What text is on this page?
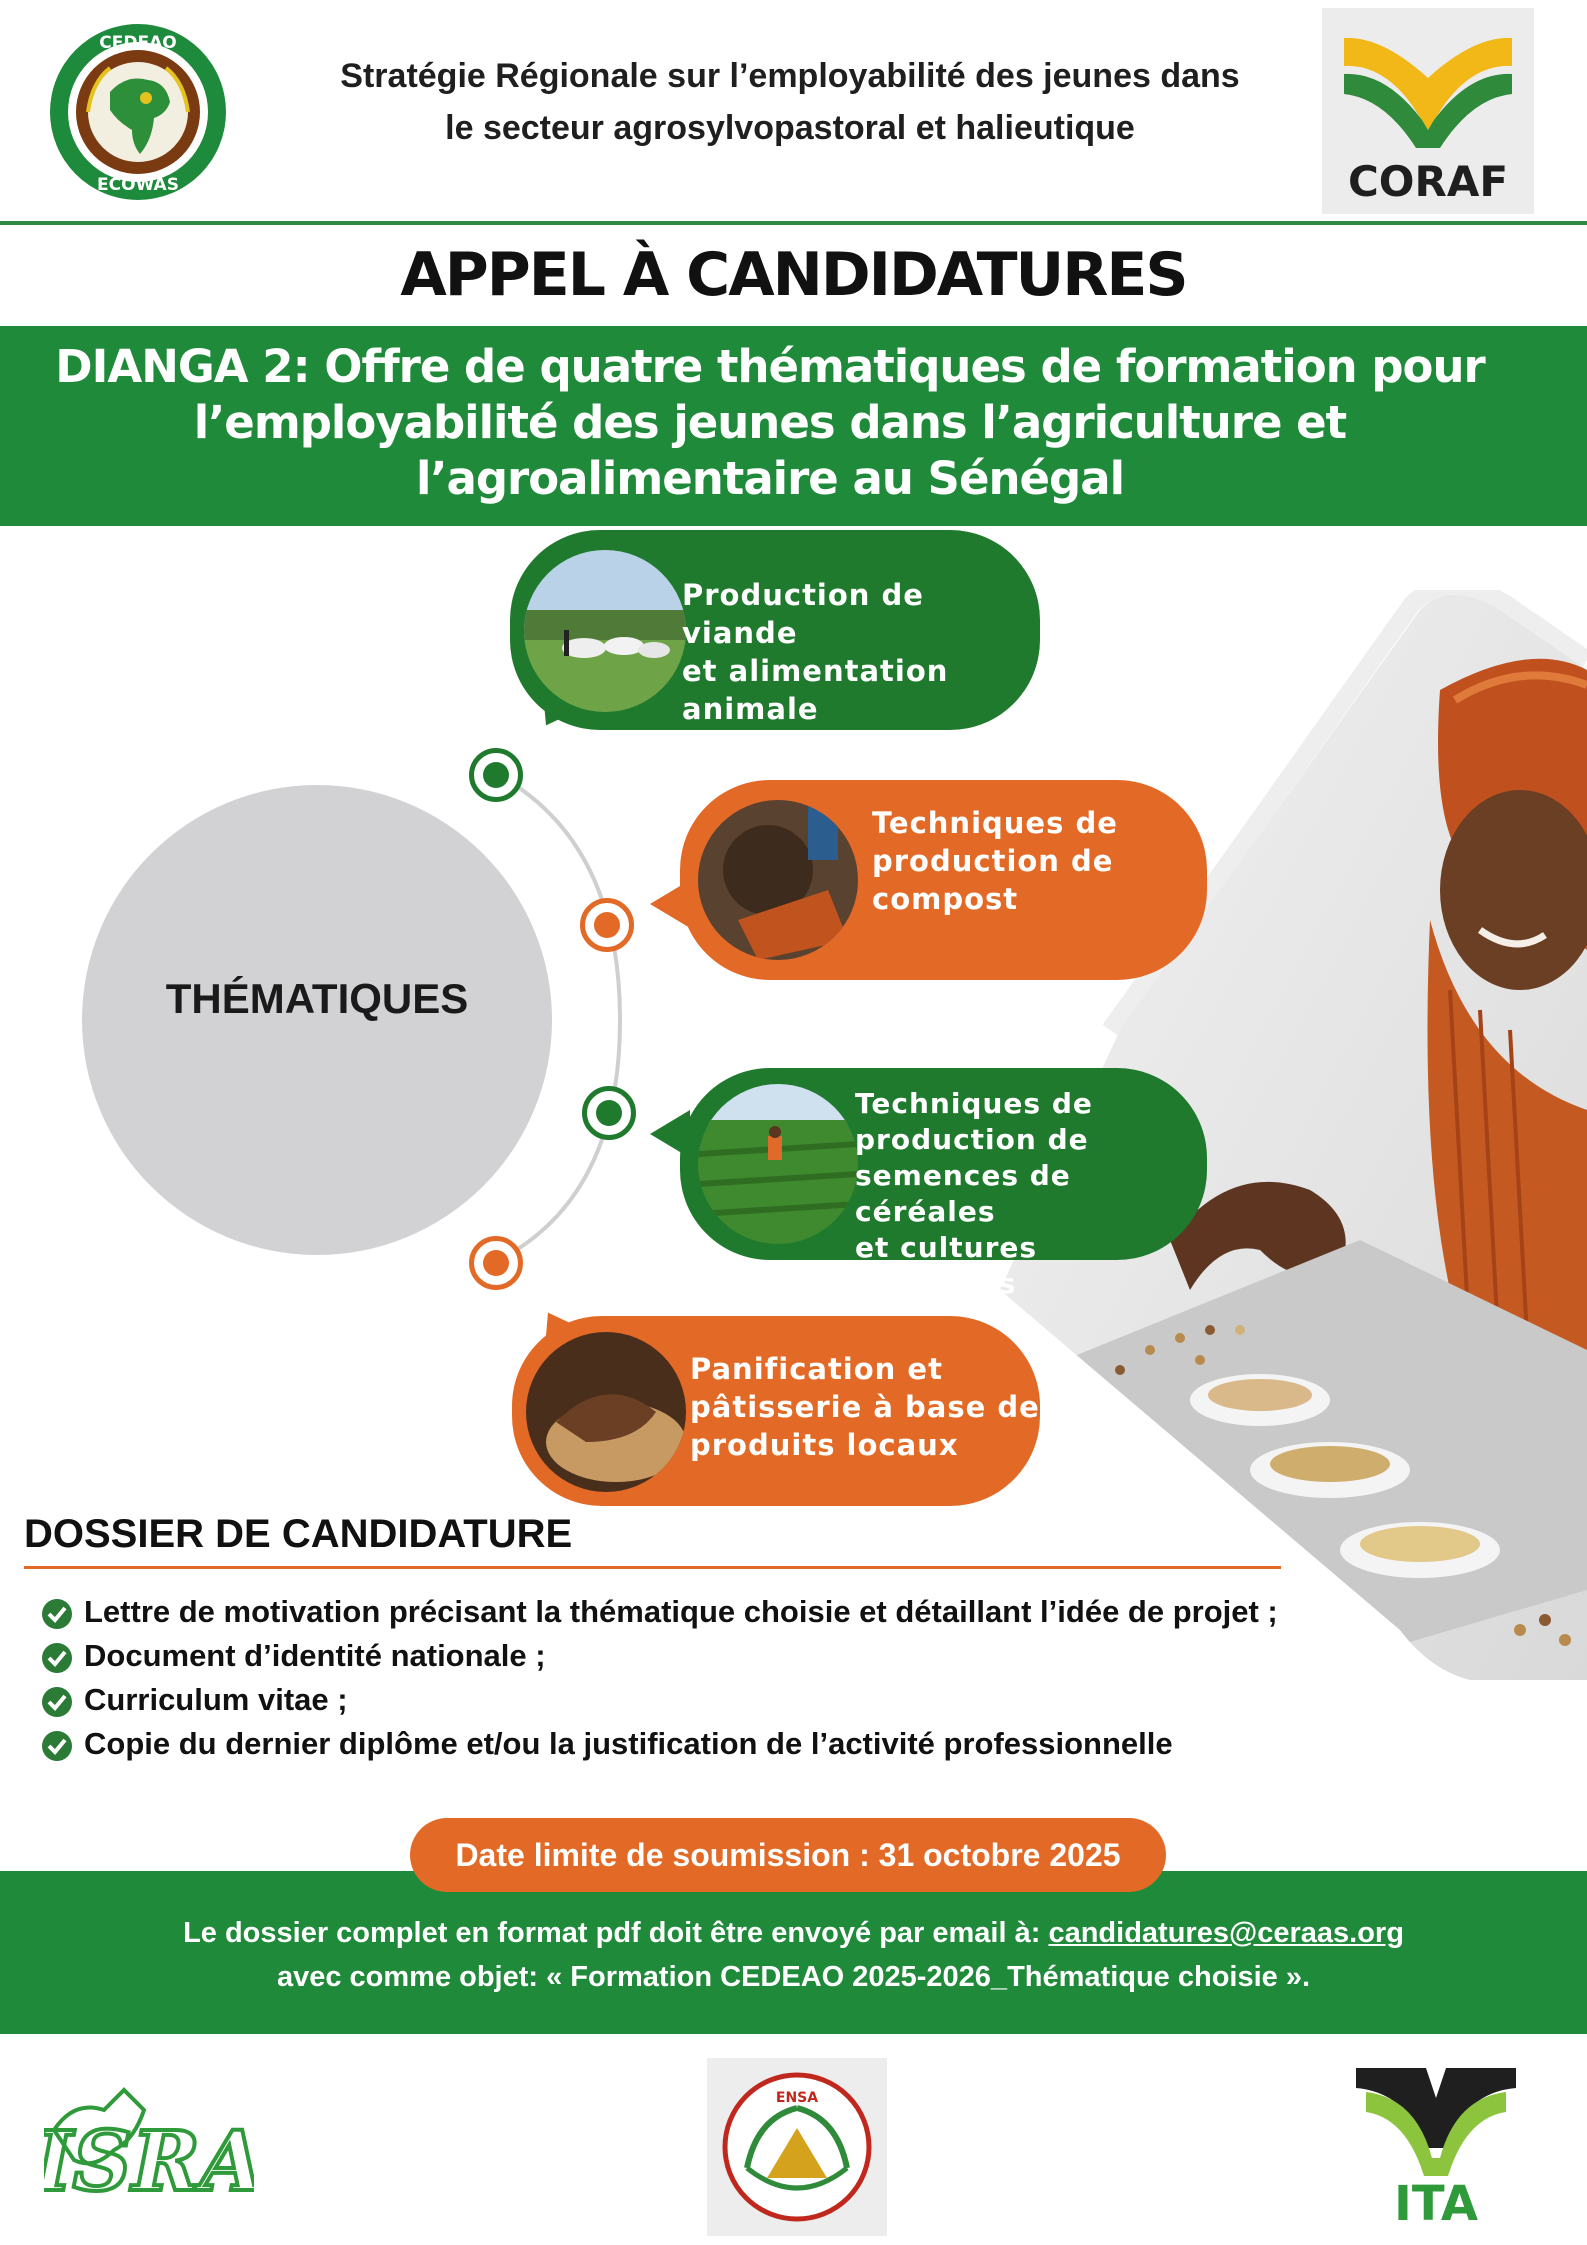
CEDEAO
ECOWAS
Stratégie Régionale sur l’employabilité des jeunes dans
le secteur agrosylvopastoral et halieutique
CORAF
APPEL À CANDIDATURES
DIANGA 2: Offre de quatre thématiques de formation pour
l’employabilité des jeunes dans l’agriculture et
l’agroalimentaire au Sénégal
THÉMATIQUES
Production de viande
et alimentation
animale
Techniques de
production de
compost
Techniques de
production de
semences de céréales
et cultures associées
Panification et
pâtisserie à base de
produits locaux
DOSSIER DE CANDIDATURE
Lettre de motivation précisant la thématique choisie et détaillant l’idée de projet ;
Document d’identité nationale ;
Curriculum vitae ;
Copie du dernier diplôme et/ou la justification de l’activité professionnelle
Le dossier complet en format pdf doit être envoyé par email à: candidatures@ceraas.org
avec comme objet: « Formation CEDEAO 2025-2026_Thématique choisie ».
Date limite de soumission : 31 octobre 2025
ISRA
ENSA
ITA
